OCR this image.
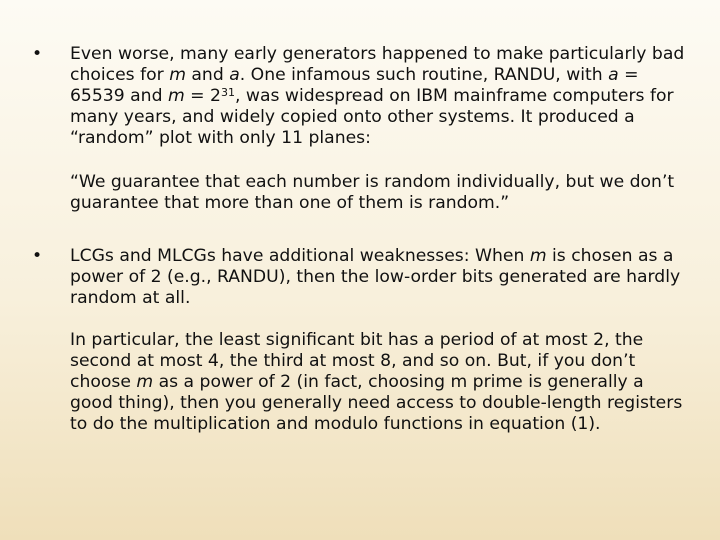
•	Even worse, many early generators happened to make particularly bad choices for m and a. One infamous such routine, RANDU, with a = 65539 and $m = 2^{31}$, was widespread on IBM mainframe computers for many years, and widely copied onto other systems. It produced a “random” plot with only 11 planes:
“We guarantee that each number is random individually, but we don’t guarantee that more than one of them is random.”
•	LCGs and MLCGs have additional weaknesses: When m is chosen as a power of 2 (e.g., RANDU), then the low-order bits generated are hardly random at all.
In particular, the least significant bit has a period of at most 2, the second at most 4, the third at most 8, and so on. But, if you don’t choose m as a power of 2 (in fact, choosing m prime is generally a good thing), then you generally need access to double-length registers to do the multiplication and modulo functions in equation (1).
